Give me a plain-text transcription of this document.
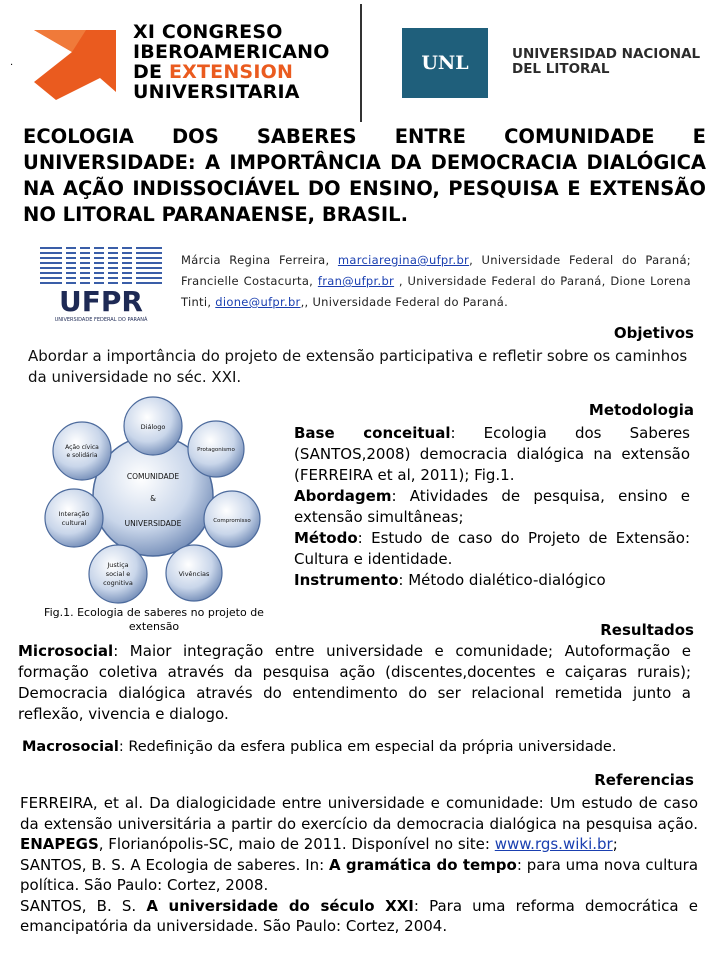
.
XI CONGRESO
IBEROAMERICANO
DE EXTENSION
UNIVERSITARIA
UNL	UNIVERSIDAD NACIONAL
DEL LITORAL
ECOLOGIA DOS SABERES ENTRE COMUNIDADE E UNIVERSIDADE: A IMPORTÂNCIA DA DEMOCRACIA DIALÓGICA NA AÇÃO INDISSOCIÁVEL DO ENSINO, PESQUISA E EXTENSÃO NO LITORAL PARANAENSE, BRASIL.
UFPR
UNIVERSIDADE FEDERAL DO PARANÁ
Márcia Regina Ferreira, marciaregina@ufpr.br, Universidade Federal do Paraná; Francielle Costacurta, fran@ufpr.br , Universidade Federal do Paraná, Dione Lorena Tinti, dione@ufpr.br,, Universidade Federal do Paraná.
Objetivos
Abordar a importância do projeto de extensão participativa e refletir sobre os caminhos da universidade no séc. XXI.
COMUNIDADE
&
UNIVERSIDADE
Diálogo
Protagonismo
Compromisso
Vivências
Justiça
social e
cognitiva
Interação
cultural
Ação cívica
e solidária
Fig.1. Ecologia de saberes no projeto de extensão
Metodologia

Base conceitual: Ecologia dos Saberes (SANTOS,2008) democracia dialógica na extensão (FERREIRA et al, 2011); Fig.1.

Abordagem: Atividades de pesquisa, ensino e extensão simultâneas;

Método: Estudo de caso do Projeto de Extensão: Cultura e identidade.

Instrumento: Método dialético-dialógico

Resultados
Microsocial: Maior integração entre universidade e comunidade; Autoformação e formação coletiva através da pesquisa ação (discentes,docentes e caiçaras rurais); Democracia dialógica através do entendimento do ser relacional remetida junto a reflexão, vivencia e dialogo.
Macrosocial: Redefinição da esfera publica em especial da própria universidade.
Referencias

FERREIRA, et al. Da dialogicidade entre universidade e comunidade: Um estudo de caso da extensão universitária a partir do exercício da democracia dialógica na pesquisa ação. ENAPEGS, Florianópolis-SC, maio de 2011. Disponível no site: www.rgs.wiki.br;

SANTOS, B. S. A Ecologia de saberes. In: A gramática do tempo: para uma nova cultura política. São Paulo: Cortez, 2008.

SANTOS, B. S. A universidade do século XXI: Para uma reforma democrática e emancipatória da universidade. São Paulo: Cortez, 2004.
